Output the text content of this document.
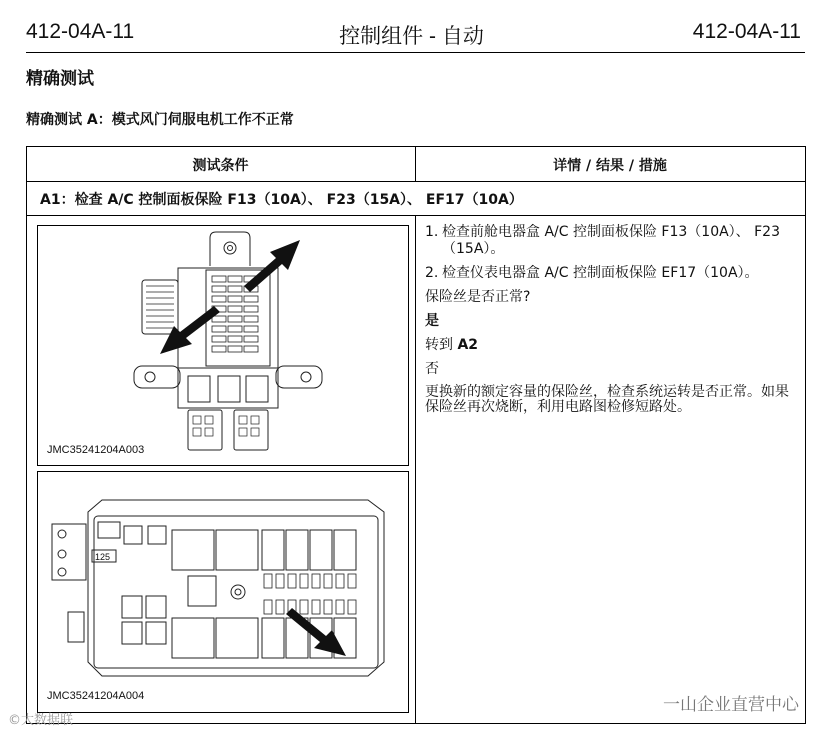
412-04A-11	控制组件 - 自动	412-04A-11
精确测试
精确测试 A：模式风门伺服电机工作不正常
测试条件	详情 / 结果 / 措施
A1：检查 A/C 控制面板保险 F13（10A）、 F23（15A）、 EF17（10A）
JMC35241204A003
125
JMC35241204A004
1. 检查前舱电器盒 A/C 控制面板保险 F13（10A）、 F23 （15A）。
2. 检查仪表电器盒 A/C 控制面板保险 EF17（10A）。
保险丝是否正常?
是
转到 A2
否
更换新的额定容量的保险丝，检查系统运转是否正常。如果保险丝再次烧断，利用电路图检修短路处。
©大数据联
一山企业直营中心
